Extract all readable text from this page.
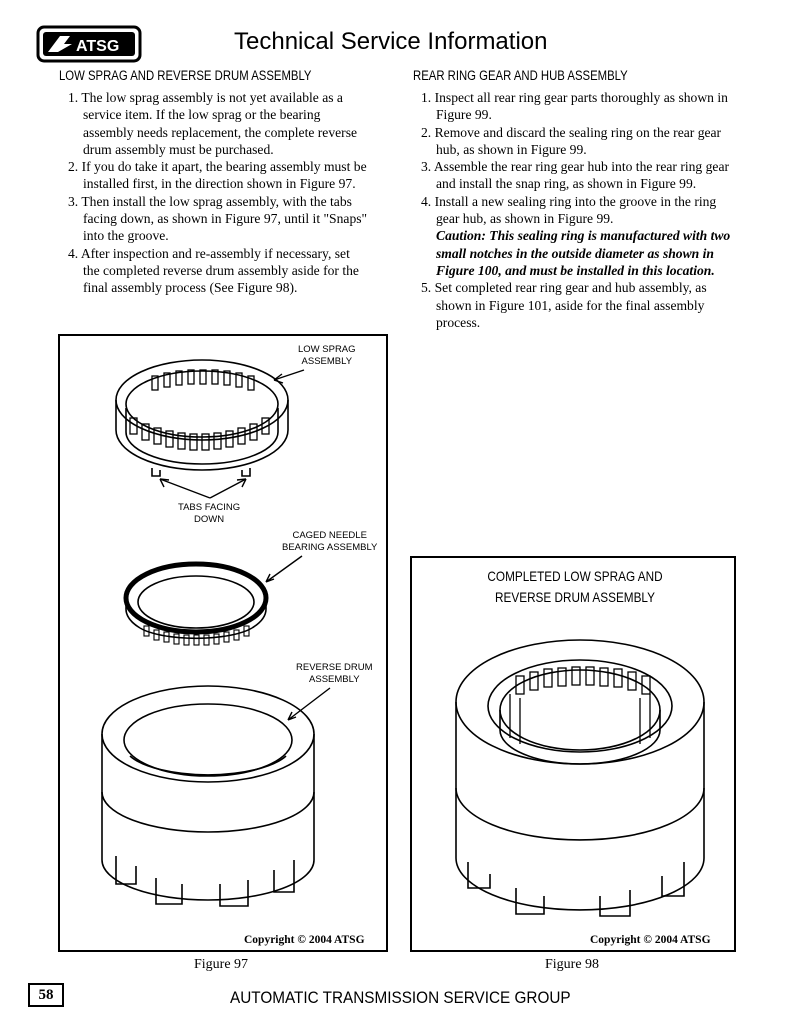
ATSG	Technical Service Information
LOW SPRAG AND REVERSE DRUM ASSEMBLY

1. The low sprag assembly is not yet available as a service item. If the low sprag or the bearing assembly needs replacement, the complete reverse drum assembly must be purchased.

2. If you do take it apart, the bearing assembly must be installed first, in the direction shown in Figure 97.

3. Then install the low sprag assembly, with the tabs facing down, as shown in Figure 97, until it "Snaps" into the groove.

4. After inspection and re-assembly if necessary, set the completed reverse drum assembly aside for the final assembly process (See Figure 98).

REAR RING GEAR AND HUB ASSEMBLY

1. Inspect all rear ring gear parts thoroughly as shown in Figure 99.

2. Remove and discard the sealing ring on the rear gear hub, as shown in Figure 99.

3. Assemble the rear ring gear hub into the rear ring gear and install the snap ring, as shown in Figure 99.

4. Install a new sealing ring into the groove in the ring gear hub, as shown in Figure 99.

Caution: This sealing ring is manufactured with two small notches in the outside diameter as shown in Figure 100, and must be installed in this location.

5. Set completed rear ring gear and hub assembly, as shown in Figure 101, aside for the final assembly process.

LOW SPRAG
ASSEMBLY
TABS FACING
DOWN
CAGED NEEDLE
BEARING ASSEMBLY
REVERSE DRUM
ASSEMBLY
Copyright © 2004 ATSG
Figure 97
COMPLETED LOW SPRAG AND
REVERSE DRUM ASSEMBLY
Copyright © 2004 ATSG
Figure 98
58	AUTOMATIC TRANSMISSION SERVICE GROUP
